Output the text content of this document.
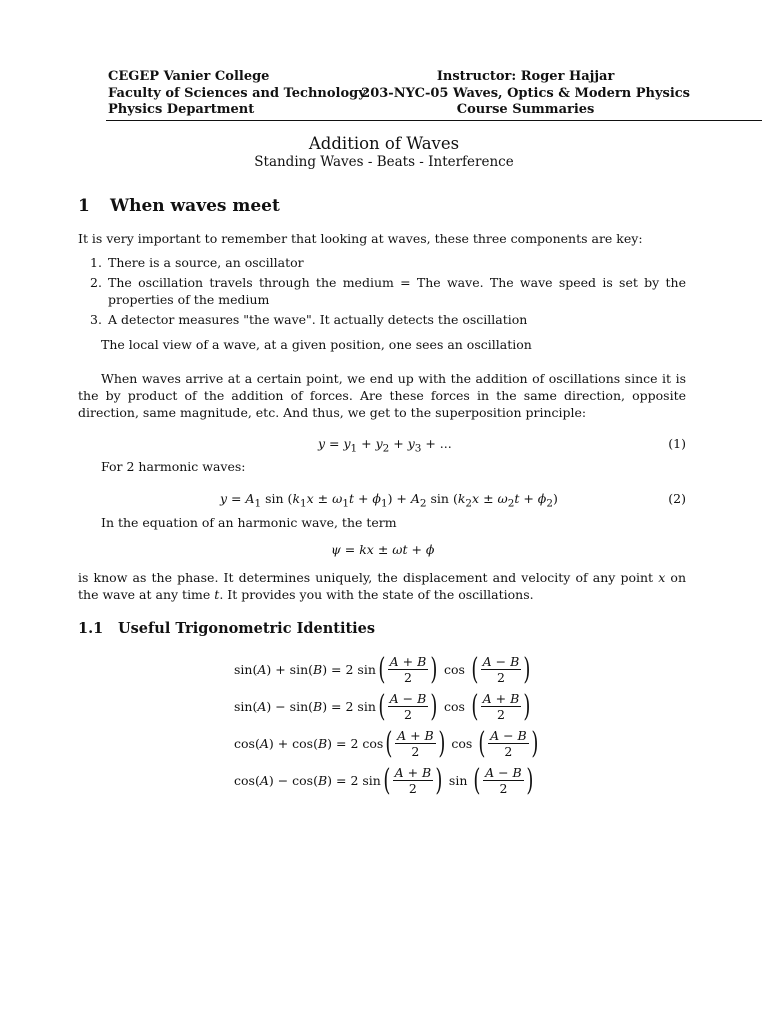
CEGEP Vanier College
Faculty of Sciences and Technology
Physics Department
Instructor: Roger Hajjar
203-NYC-05 Waves, Optics & Modern Physics
Course Summaries
Addition of Waves
Standing Waves - Beats - Interference
1 When waves meet
It is very important to remember that looking at waves, these three components are key:
1. There is a source, an oscillator
2. The oscillation travels through the medium = The wave. The wave speed is set by the properties of the medium
3. A detector measures "the wave". It actually detects the oscillation
The local view of a wave, at a given position, one sees an oscillation
When waves arrive at a certain point, we end up with the addition of oscillations since it is the by product of the addition of forces. Are these forces in the same direction, opposite direction, same magnitude, etc. And thus, we get to the superposition principle:
$y = y_1 + y_2 + y_3$ + ...	(1)
For 2 harmonic waves:
$y = A_1$ $\sin (k_1x \pm \omega_1t + \phi_1) + A_2$ $\sin (k_2x \pm \omega_2t + \phi_2)$	(2)
In the equation of an harmonic wave, the term
ψ = kx ± ωt + ϕ
is know as the phase. It determines uniquely, the displacement and velocity of any point x on the wave at any time t. It provides you with the state of the oscillations.
1.1 Useful Trigonometric Identities
sin(A) + sin(B) = 2 $\sin( \frac{A + B}{2}$ ) cos ( $\frac{A - B}{2}$ )
sin(A) − sin(B) = 2 $\sin( \frac{A - B}{2}$ ) cos ( $\frac{A + B}{2}$ )
cos(A) + cos(B) = 2 $\cos( \frac{A + B}{2}$ ) cos ( $\frac{A - B}{2}$ )
cos(A) − cos(B) = 2 $\sin( \frac{A + B}{2}$ ) sin ( $\frac{A - B}{2}$ )
